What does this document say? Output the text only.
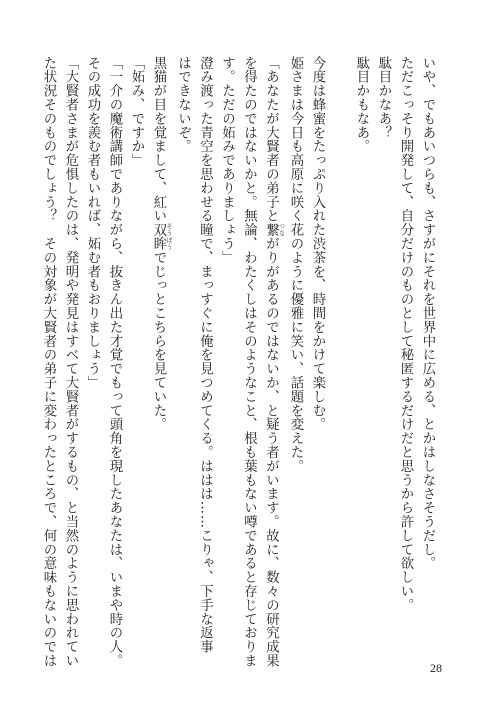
いや、でもあいつらも、さすがにそれを世界中に広める、とかはしなさそうだし。
ただこっそり開発して、自分だけのものとして秘匿するだけだと思うから許して欲しい。
駄目かなあ？
駄目かもなあ。

今度は蜂蜜をたっぷり入れた渋茶を、時間をかけて楽しむ。
姫さまは今日も高原に咲く花のように優雅に笑い、話題を変えた。
「あなたが大賢者の弟子と繋 つながりがあるのではないか、と疑う者がいます。故に、数々の研究成果
を得たのではないかと。無論、わたくしはそのようなこと、根も葉もない噂であると存じておりま
す。ただの妬みでありましょう」
澄み渡った青空を思わせる瞳で、まっすぐに俺を見つめてくる。ははは……こりゃ、下手な返事
はできないぞ。
黒猫が目を覚まして、紅い双眸 そうぼうでじっとこちらを見ていた。
「妬み、ですか」
「一介の魔術講師でありながら、抜きん出た才覚でもって頭角を現したあなたは、いまや時の人。
その成功を羨む者もいれば、妬む者もおりましょう」
「大賢者さまが危惧したのは、発明や発見はすべて大賢者がするもの、と当然のように思われてい
た状況そのものでしょう？　その対象が大賢者の弟子に変わったところで、何の意味もないのでは
28
